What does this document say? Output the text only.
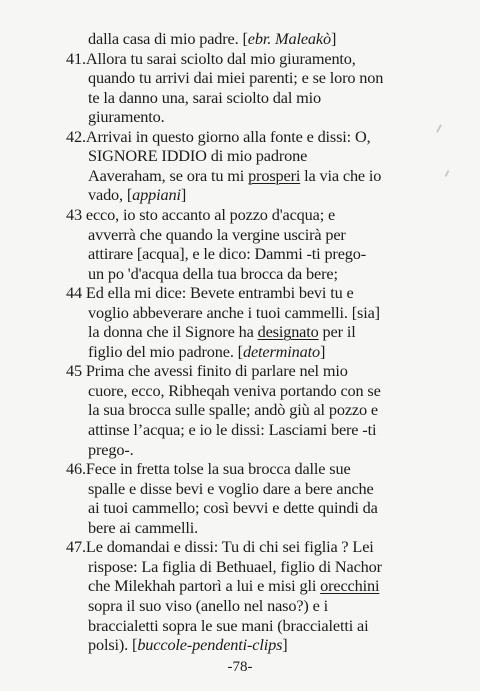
dalla casa di mio padre. [ebr. Maleakò]
41.Allora tu sarai sciolto dal mio giuramento,
quando tu arrivi dai miei parenti; e se loro non
te la danno una, sarai sciolto dal mio
giuramento.
42.Arrivai in questo giorno alla fonte e dissi: O,
SIGNORE IDDIO di mio padrone
Aaveraham, se ora tu mi prosperi la via che io
vado, [appiani]
43 ecco, io sto accanto al pozzo d'acqua; e
avverrà che quando la vergine uscirà per
attirare [acqua], e le dico: Dammi -ti prego-
un po 'd'acqua della tua brocca da bere;
44 Ed ella mi dice: Bevete entrambi bevi tu e
voglio abbeverare anche i tuoi cammelli. [sia]
la donna che il Signore ha designato per il
figlio del mio padrone. [determinato]
45 Prima che avessi finito di parlare nel mio
cuore, ecco, Ribheqah veniva portando con se
la sua brocca sulle spalle; andò giù al pozzo e
attinse l’acqua; e io le dissi: Lasciami bere -ti
prego-.
46.Fece in fretta tolse la sua brocca dalle sue
spalle e disse bevi e voglio dare a bere anche
ai tuoi cammello; così bevvi e dette quindi da
bere ai cammelli.
47.Le domandai e dissi: Tu di chi sei figlia ? Lei
rispose: La figlia di Bethuael, figlio di Nachor
che Milekhah partorì a lui e misi gli orecchini
sopra il suo viso (anello nel naso?) e i
braccialetti sopra le sue mani (braccialetti ai
polsi). [buccole-pendenti-clips]
-78-
